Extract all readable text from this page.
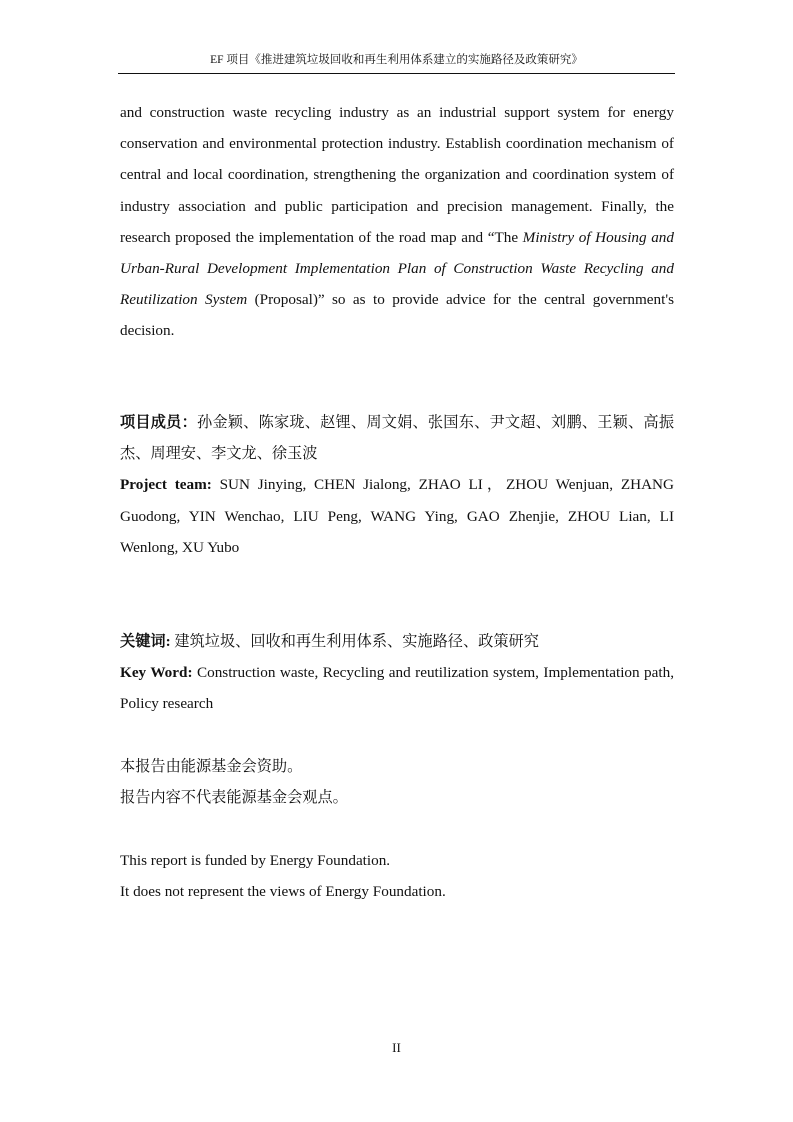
EF 项目《推进建筑垃圾回收和再生利用体系建立的实施路径及政策研究》
and construction waste recycling industry as an industrial support system for energy conservation and environmental protection industry. Establish coordination mechanism of central and local coordination, strengthening the organization and coordination system of industry association and public participation and precision management. Finally, the research proposed the implementation of the road map and “The Ministry of Housing and Urban-Rural Development Implementation Plan of Construction Waste Recycling and Reutilization System (Proposal)” so as to provide advice for the central government's decision.
项目成员：孙金颖、陈家珑、赵锂、周文娟、张国东、尹文超、刘鹏、王颖、高振杰、周理安、李文龙、徐玉波
Project team: SUN Jinying, CHEN Jialong, ZHAO LI，ZHOU Wenjuan, ZHANG Guodong, YIN Wenchao, LIU Peng, WANG Ying, GAO Zhenjie, ZHOU Lian, LI Wenlong, XU Yubo
关键词: 建筑垃圾、回收和再生利用体系、实施路径、政策研究
Key Word: Construction waste, Recycling and reutilization system, Implementation path, Policy research
本报告由能源基金会资助。
报告内容不代表能源基金会观点。
This report is funded by Energy Foundation.
It does not represent the views of Energy Foundation.
II
